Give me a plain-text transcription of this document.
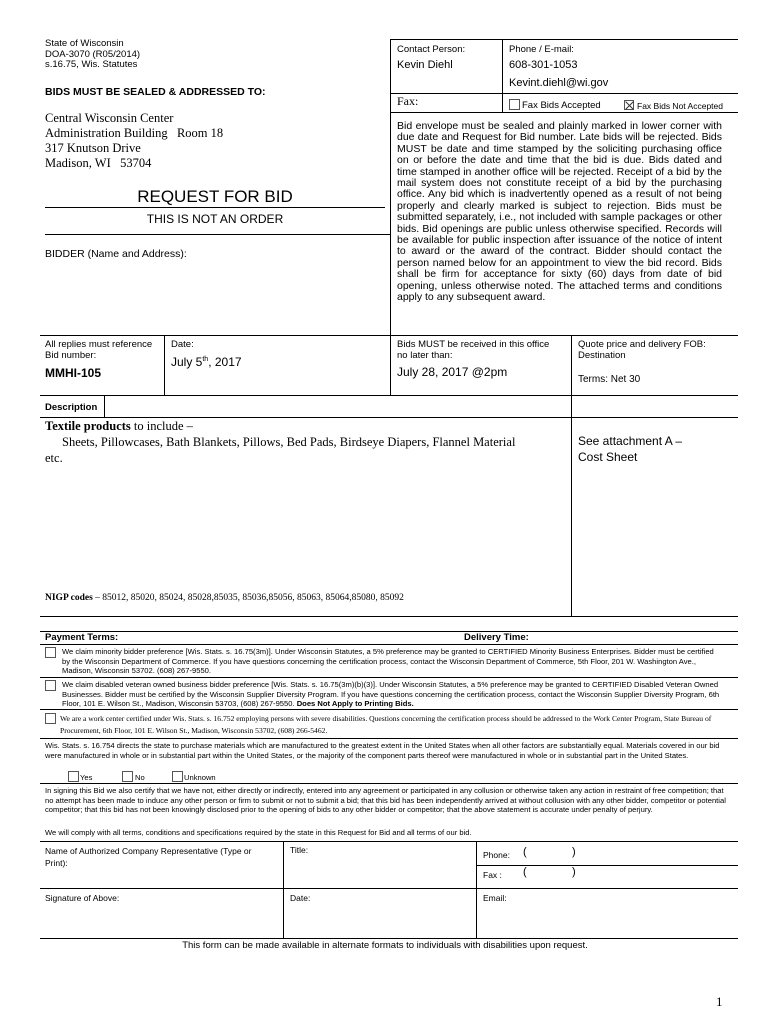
State of Wisconsin
DOA-3070 (R05/2014)
s.16.75, Wis. Statutes
BIDS MUST BE SEALED & ADDRESSED TO:
Central Wisconsin Center
Administration Building   Room 18
317 Knutson Drive
Madison, WI   53704
REQUEST FOR BID
THIS IS NOT AN ORDER
BIDDER (Name and Address):
Contact Person:
Kevin Diehl
Phone / E-mail:
608-301-1053
Kevint.diehl@wi.gov
Fax:	Fax Bids Accepted	Fax Bids Not Accepted
Bid envelope must be sealed and plainly marked in lower corner with due date and Request for Bid number. Late bids will be rejected. Bids MUST be date and time stamped by the soliciting purchasing office on or before the date and time that the bid is due. Bids dated and time stamped in another office will be rejected. Receipt of a bid by the mail system does not constitute receipt of a bid by the purchasing office. Any bid which is inadvertently opened as a result of not being properly and clearly marked is subject to rejection. Bids must be submitted separately, i.e., not included with sample packages or other bids. Bid openings are public unless otherwise specified. Records will be available for public inspection after issuance of the notice of intent to award or the award of the contract. Bidder should contact the person named below for an appointment to view the bid record. Bids shall be firm for acceptance for sixty (60) days from date of bid opening, unless otherwise noted. The attached terms and conditions apply to any subsequent award.
All replies must reference
Bid number:
MMHI-105
Date:
July 5th, 2017
Bids MUST be received in this office
no later than:
July 28, 2017 @2pm
Quote price and delivery FOB:
Destination
Terms: Net 30
Description
Textile products to include –
Sheets, Pillowcases, Bath Blankets, Pillows, Bed Pads, Birdseye Diapers, Flannel Material
etc.
See attachment A –
Cost Sheet
NIGP codes – 85012, 85020, 85024, 85028,85035, 85036,85056, 85063, 85064,85080, 85092
Payment Terms:	Delivery Time:
We claim minority bidder preference [Wis. Stats. s. 16.75(3m)]. Under Wisconsin Statutes, a 5% preference may be granted to CERTIFIED Minority Business Enterprises. Bidder must be certified by the Wisconsin Department of Commerce. If you have questions concerning the certification process, contact the Wisconsin Department of Commerce, 5th Floor, 201 W. Washington Ave., Madison, Wisconsin 53702. (608) 267-9550.
We claim disabled veteran owned business bidder preference [Wis. Stats. s. 16.75(3m)(b)(3)]. Under Wisconsin Statutes, a 5% preference may be granted to CERTIFIED Disabled Veteran Owned Businesses. Bidder must be certified by the Wisconsin Supplier Diversity Program. If you have questions concerning the certification process, contact the Wisconsin Supplier Diversity Program, 6th Floor, 101 E. Wilson St., Madison, Wisconsin 53703, (608) 267-9550. Does Not Apply to Printing Bids.
We are a work center certified under Wis. Stats. s. 16.752 employing persons with severe disabilities. Questions concerning the certification process should be addressed to the Work Center Program, State Bureau of Procurement, 6th Floor, 101 E. Wilson St., Madison, Wisconsin 53702, (608) 266-5462.
Wis. Stats. s. 16.754 directs the state to purchase materials which are manufactured to the greatest extent in the United States when all other factors are substantially equal. Materials covered in our bid were manufactured in whole or in substantial part within the United States, or the majority of the component parts thereof were manufactured in whole or in substantial part in the United States.
Yes	No	Unknown
In signing this Bid we also certify that we have not, either directly or indirectly, entered into any agreement or participated in any collusion or otherwise taken any action in restraint of free competition; that no attempt has been made to induce any other person or firm to submit or not to submit a bid; that this bid has been independently arrived at without collusion with any other bidder, competitor or potential competitor; that this bid has not been knowingly disclosed prior to the opening of bids to any other bidder or competitor; that the above statement is accurate under penalty of perjury.
We will comply with all terms, conditions and specifications required by the state in this Request for Bid and all terms of our bid.
Name of Authorized Company Representative (Type or Print):
Title:	Phone: (	)
Fax : (	)
Signature of Above:	Date:	Email:
This form can be made available in alternate formats to individuals with disabilities upon request.
1
